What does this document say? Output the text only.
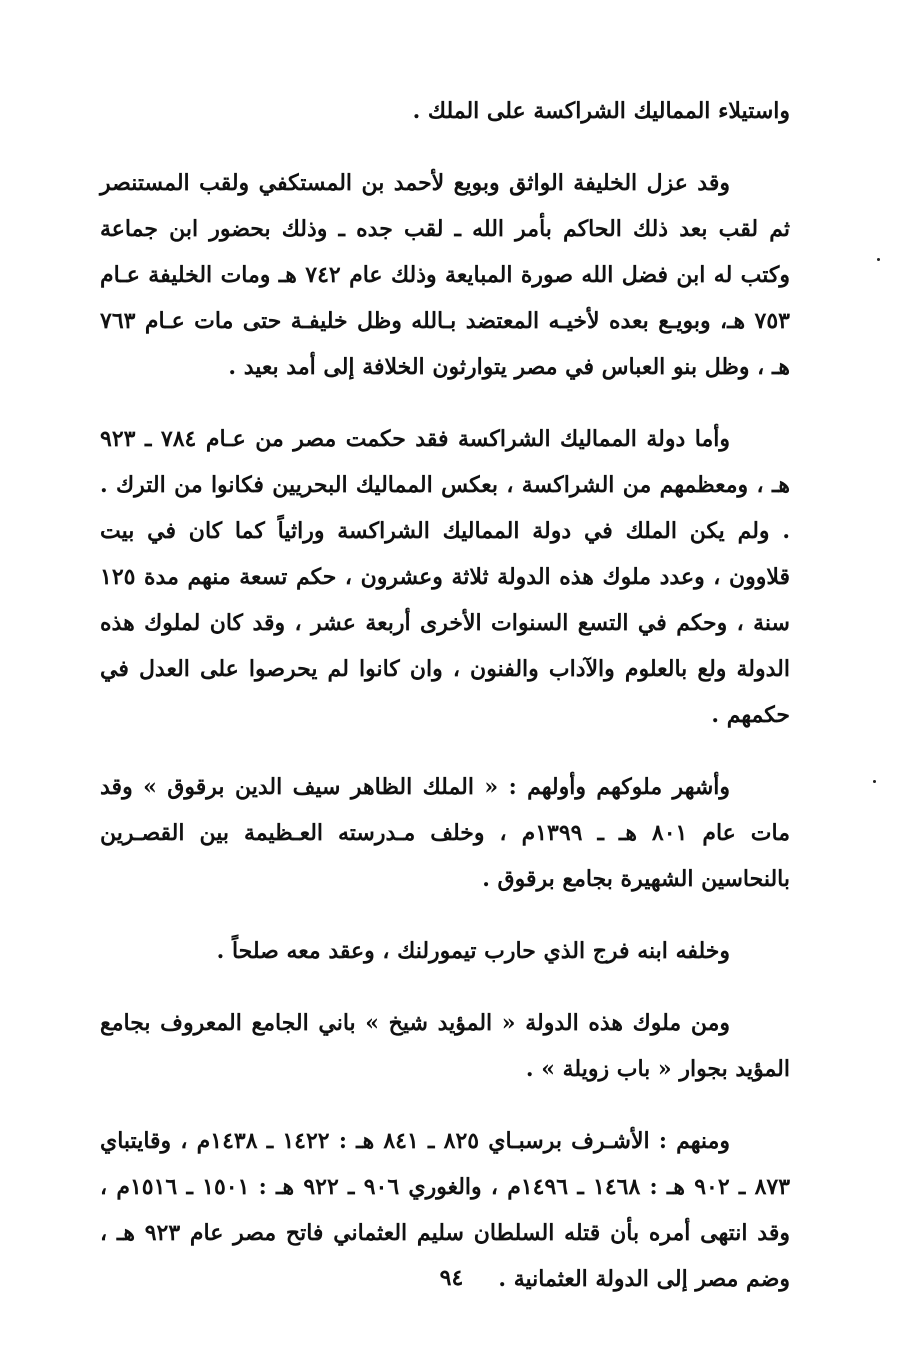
واستيلاء المماليك الشراكسة على الملك .

وقد عزل الخليفة الواثق وبويع لأحمد بن المستكفي ولقب المستنصر ثم لقب بعد ذلك الحاكم بأمر الله ـ لقب جده ـ وذلك بحضور ابن جماعة وكتب له ابن فضل الله صورة المبايعة وذلك عام ٧٤٢ هـ ومات الخليفة عـام ٧٥٣ هـ، وبويـع بعده لأخيـه المعتضد بـالله وظل خليفـة حتى مات عـام ٧٦٣ هـ ، وظل بنو العباس في مصر يتوارثون الخلافة إلى أمد بعيد .

وأما دولة المماليك الشراكسة فقد حكمت مصر من عـام ٧٨٤ ـ ٩٢٣ هـ ، ومعظمهم من الشراكسة ، بعكس المماليك البحريين فكانوا من الترك . . ولم يكن الملك في دولة المماليك الشراكسة وراثياً كما كان في بيت قلاوون ، وعدد ملوك هذه الدولة ثلاثة وعشرون ، حكم تسعة منهم مدة ١٢٥ سنة ، وحكم في التسع السنوات الأخرى أربعة عشر ، وقد كان لملوك هذه الدولة ولع بالعلوم والآداب والفنون ، وان كانوا لم يحرصوا على العدل في حكمهم .

وأشهر ملوكهم وأولهم : « الملك الظاهر سيف الدين برقوق » وقد مات عام ٨٠١ هـ ـ ١٣٩٩م ، وخلف مـدرسته العـظيمة بين القصـرين بالنحاسين الشهيرة بجامع برقوق .

وخلفه ابنه فرج الذي حارب تيمورلنك ، وعقد معه صلحاً .

ومن ملوك هذه الدولة « المؤيد شيخ » باني الجامع المعروف بجامع المؤيد بجوار « باب زويلة » .

ومنهم : الأشـرف برسبـاي ٨٢٥ ـ ٨٤١ هـ : ١٤٢٢ ـ ١٤٣٨م ، وقايتباي ٨٧٣ ـ ٩٠٢ هـ : ١٤٦٨ ـ ١٤٩٦م ، والغوري ٩٠٦ ـ ٩٢٢ هـ : ١٥٠١ ـ ١٥١٦م ، وقد انتهى أمره بأن قتله السلطان سليم العثماني فاتح مصر عام ٩٢٣ هـ ، وضم مصر إلى الدولة العثمانية .

٩٤
